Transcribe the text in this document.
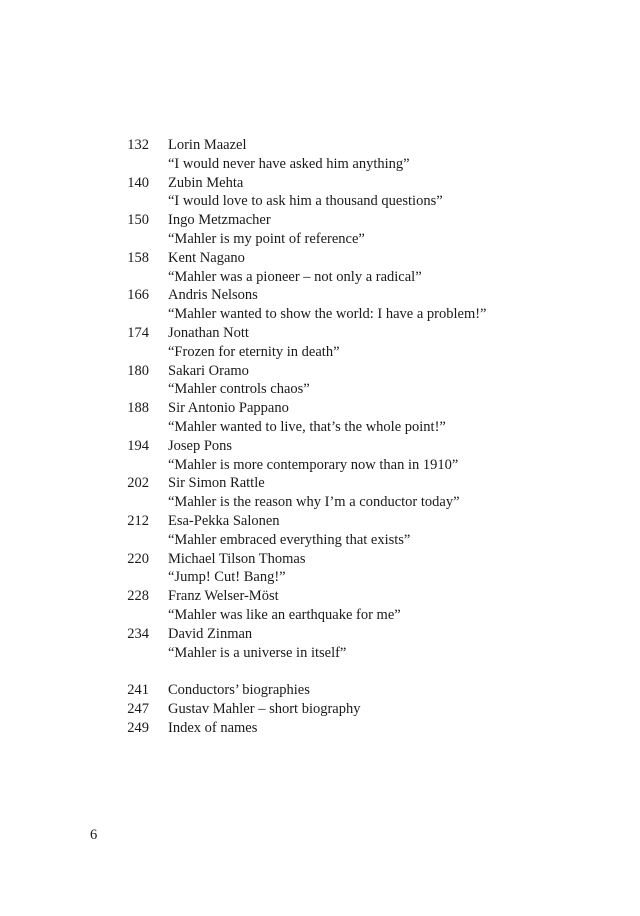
132 Lorin Maazel
“I would never have asked him anything”
140 Zubin Mehta
“I would love to ask him a thousand questions”
150 Ingo Metzmacher
“Mahler is my point of reference”
158 Kent Nagano
“Mahler was a pioneer – not only a radical”
166 Andris Nelsons
“Mahler wanted to show the world: I have a problem!”
174 Jonathan Nott
“Frozen for eternity in death”
180 Sakari Oramo
“Mahler controls chaos”
188 Sir Antonio Pappano
“Mahler wanted to live, that’s the whole point!”
194 Josep Pons
“Mahler is more contemporary now than in 1910”
202 Sir Simon Rattle
“Mahler is the reason why I’m a conductor today”
212 Esa-Pekka Salonen
“Mahler embraced everything that exists”
220 Michael Tilson Thomas
“Jump! Cut! Bang!”
228 Franz Welser-Möst
“Mahler was like an earthquake for me”
234 David Zinman
“Mahler is a universe in itself”
241 Conductors’ biographies
247 Gustav Mahler – short biography
249 Index of names
6
